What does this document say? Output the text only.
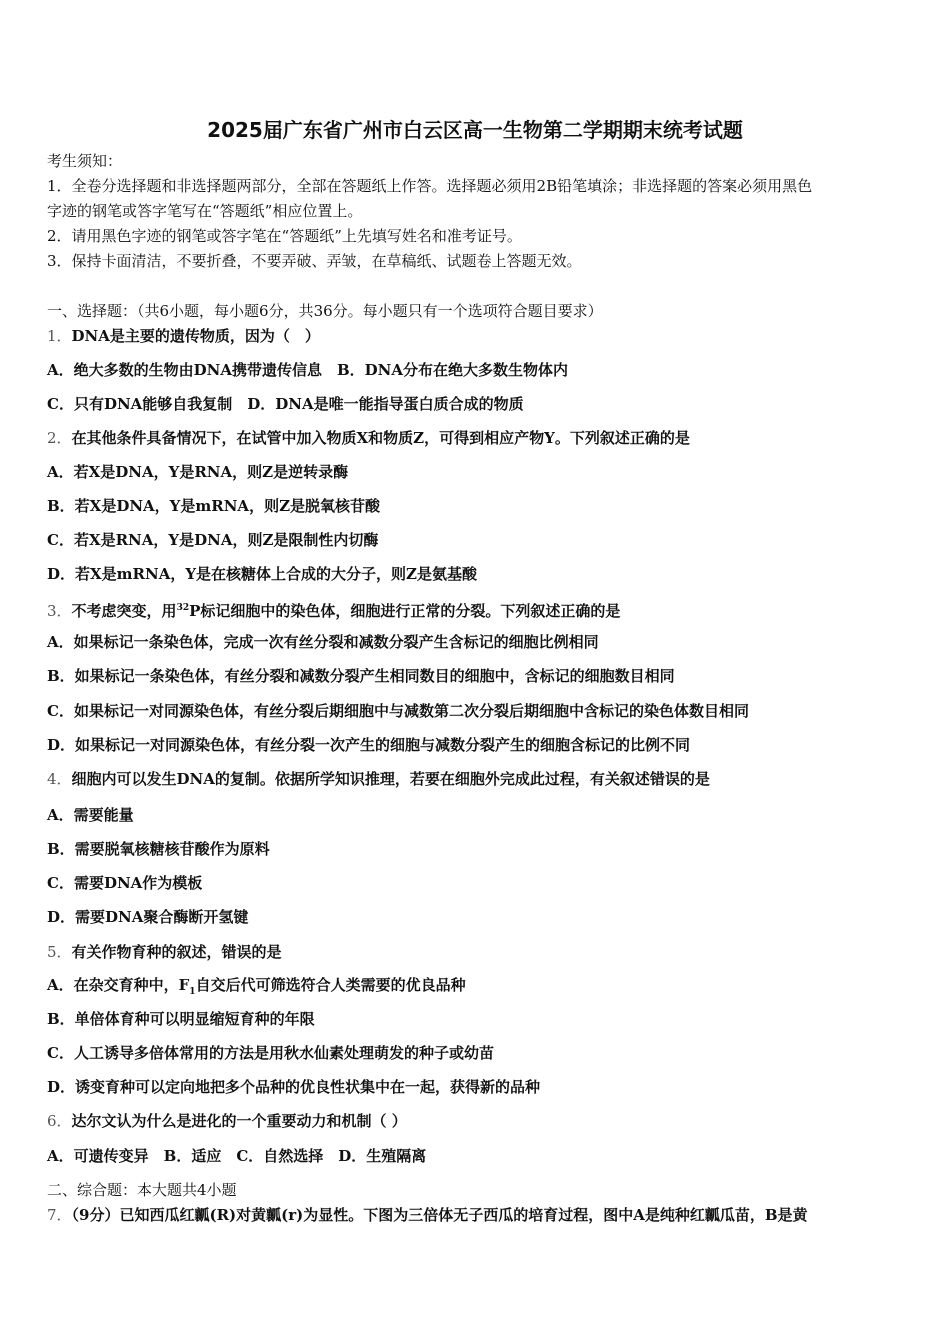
2025届广东省广州市白云区高一生物第二学期期末统考试题
考生须知：
1．全卷分选择题和非选择题两部分，全部在答题纸上作答。选择题必须用2B铅笔填涂；非选择题的答案必须用黑色
字迹的钢笔或答字笔写在“答题纸”相应位置上。
2．请用黑色字迹的钢笔或答字笔在“答题纸”上先填写姓名和准考证号。
3．保持卡面清洁，不要折叠，不要弄破、弄皱，在草稿纸、试题卷上答题无效。
一、选择题：（共6小题，每小题6分，共36分。每小题只有一个选项符合题目要求）
1．DNA是主要的遗传物质，因为（　）
A．绝大多数的生物由DNA携带遗传信息　B．DNA分布在绝大多数生物体内
C．只有DNA能够自我复制　D．DNA是唯一能指导蛋白质合成的物质
2．在其他条件具备情况下，在试管中加入物质X和物质Z，可得到相应产物Y。下列叙述正确的是
A．若X是DNA，Y是RNA，则Z是逆转录酶
B．若X是DNA，Y是mRNA，则Z是脱氧核苷酸
C．若X是RNA，Y是DNA，则Z是限制性内切酶
D．若X是mRNA，Y是在核糖体上合成的大分子，则Z是氨基酸
3．不考虑突变，用$^{32}$P标记细胞中的染色体，细胞进行正常的分裂。下列叙述正确的是
A．如果标记一条染色体，完成一次有丝分裂和减数分裂产生含标记的细胞比例相同
B．如果标记一条染色体，有丝分裂和减数分裂产生相同数目的细胞中，含标记的细胞数目相同
C．如果标记一对同源染色体，有丝分裂后期细胞中与减数第二次分裂后期细胞中含标记的染色体数目相同
D．如果标记一对同源染色体，有丝分裂一次产生的细胞与减数分裂产生的细胞含标记的比例不同
4．细胞内可以发生DNA的复制。依据所学知识推理，若要在细胞外完成此过程，有关叙述错误的是
A．需要能量
B．需要脱氧核糖核苷酸作为原料
C．需要DNA作为模板
D．需要DNA聚合酶断开氢键
5．有关作物育种的叙述，错误的是
A．在杂交育种中，$F_1$自交后代可筛选符合人类需要的优良品种
B．单倍体育种可以明显缩短育种的年限
C．人工诱导多倍体常用的方法是用秋水仙素处理萌发的种子或幼苗
D．诱变育种可以定向地把多个品种的优良性状集中在一起，获得新的品种
6．达尔文认为什么是进化的一个重要动力和机制（ ）
A．可遗传变异　B．适应　C．自然选择　D．生殖隔离
二、综合题：本大题共4小题
7．（9分）已知西瓜红瓤(R)对黄瓤(r)为显性。下图为三倍体无子西瓜的培育过程，图中A是纯种红瓤瓜苗，B是黄
